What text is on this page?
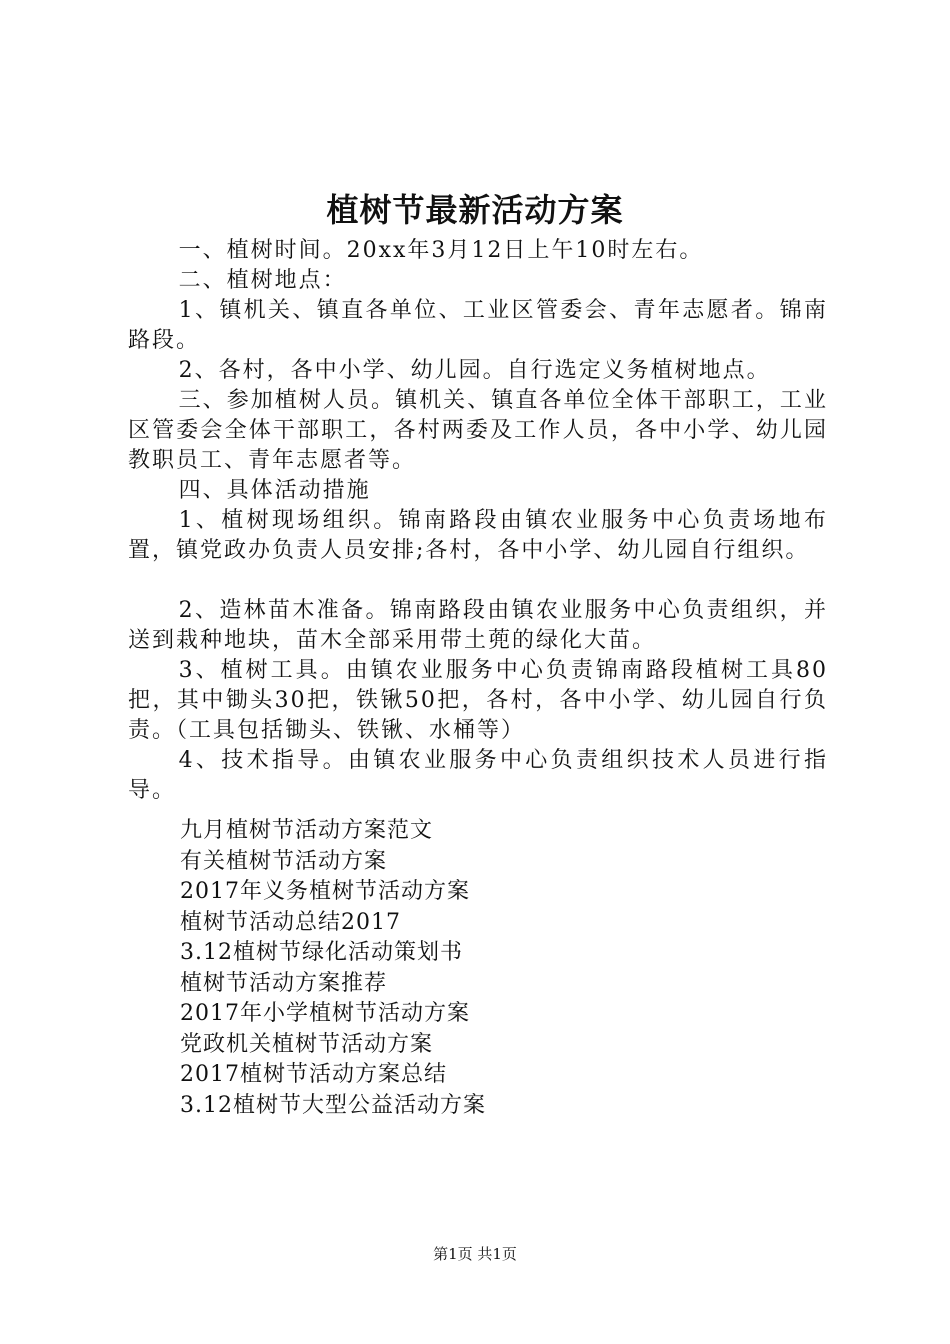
植树节最新活动方案

一、植树时间。20xx年3月12日上午10时左右。

二、植树地点：

1、镇机关、镇直各单位、工业区管委会、青年志愿者。锦南路段。

2、各村，各中小学、幼儿园。自行选定义务植树地点。

三、参加植树人员。镇机关、镇直各单位全体干部职工，工业区管委会全体干部职工，各村两委及工作人员，各中小学、幼儿园教职员工、青年志愿者等。

四、具体活动措施

1、植树现场组织。锦南路段由镇农业服务中心负责场地布置，镇党政办负责人员安排;各村，各中小学、幼儿园自行组织。

2、造林苗木准备。锦南路段由镇农业服务中心负责组织，并送到栽种地块，苗木全部采用带土蔸的绿化大苗。

3、植树工具。由镇农业服务中心负责锦南路段植树工具80把，其中锄头30把，铁锹50把，各村，各中小学、幼儿园自行负责。（工具包括锄头、铁锹、水桶等）

4、技术指导。由镇农业服务中心负责组织技术人员进行指导。

九月植树节活动方案范文
有关植树节活动方案
2017年义务植树节活动方案
植树节活动总结2017
3.12植树节绿化活动策划书
植树节活动方案推荐
2017年小学植树节活动方案
党政机关植树节活动方案
2017植树节活动方案总结
3.12植树节大型公益活动方案
第1页 共1页
